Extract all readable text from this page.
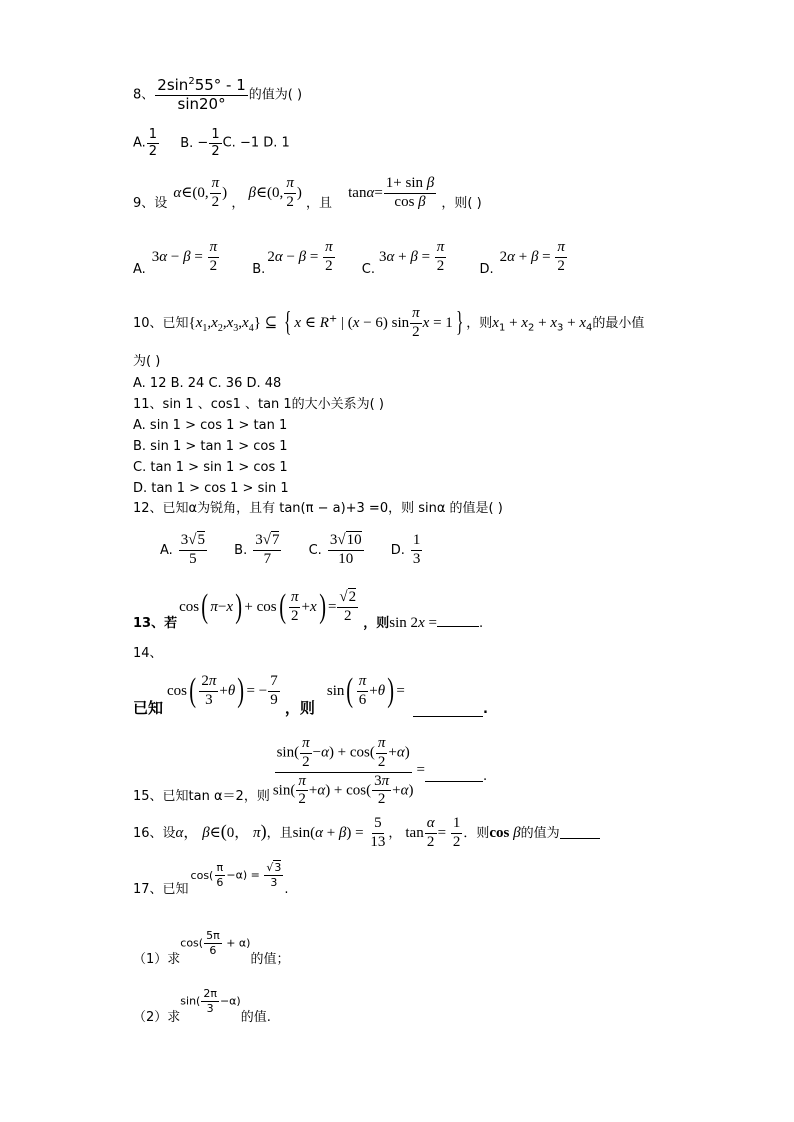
8、 $\frac{2\sin^255^\circ - 1}{\sin 20^\circ}$ 的值为( )
A. $\frac{1}{2} B$. − $\frac{1}{2} C$. −1 D. 1
9、设 α∈(0, $\frac{\pi}{2}$ ) ， β∈(0, $\frac{\pi}{2}$ ) ，且 $\tan\alpha= \frac{\text{1+ sin β}}{\text{cos β}}$ ，则( )
$A.3\alpha - \beta = \frac{\pi}{2}$	$B.2\alpha - \beta = \frac{\pi}{2} C.3\alpha + \beta = \frac{\pi}{2}$	$D.2\alpha + \beta = \frac{\pi}{2}$
10、已知$\{x_1,x_2,x_3,x_4\}$ ⊆ { x ∈ R+ | (x − 6) $\sin \frac{\pi}{2}$ x = 1 } ，则$x_1 + x_2 + x_3 + x_4$的最小值
为( )
A. 12 B. 24 C. 36 D. 48
11、sin 1 、cos1 、tan 1的大小关系为( )
A. sin 1 > cos 1 > tan 1
B. sin 1 > tan 1 > cos 1
C. tan 1 > sin 1 > cos 1
D. tan 1 > cos 1 > sin 1
12、已知α为锐角，且有 tan(π − a)+3 =0，则 sinα 的值是( )
A. $\frac{3√5}{5} B$. $\frac{3√7}{7} C$. $\frac{3√10}{10} D$. $\frac{1}{3}$
13、若cos( $\pi-x) + \cos( \frac{\pi}{2} +x) = \frac{√2}{2}$ ，则sin 2x =	.
14、
已知$\cos( \frac{2\pi}{3} +\theta)$ = − $\frac{7}{9}$ ，则$\sin( \frac{\pi}{6} +\theta)$ = .
15、已知tan α＝2，则 $\frac{\sin( \frac{\pi}{2} -\alpha) + \cos( \frac{\pi}{2} +\alpha)}{\sin( \frac{\pi}{2} +\alpha) + \cos( \frac{3\pi}{2} +\alpha)}$ =	.
16、设α， β∈(0， π)，且$\sin(\alpha + \beta) = \frac{5}{13}$ ， $\tan \frac{\alpha}{2} = \frac{1}{2}$ ．则cos β的值为
17、已知$\cos( \frac{\pi}{6} -\alpha) = \frac{√3}{3}$
.
（1）求$\cos( \frac{5\pi}{6} + \alpha)$的值；
（2）求$\sin( \frac{2\pi}{3} -\alpha)$的值.
